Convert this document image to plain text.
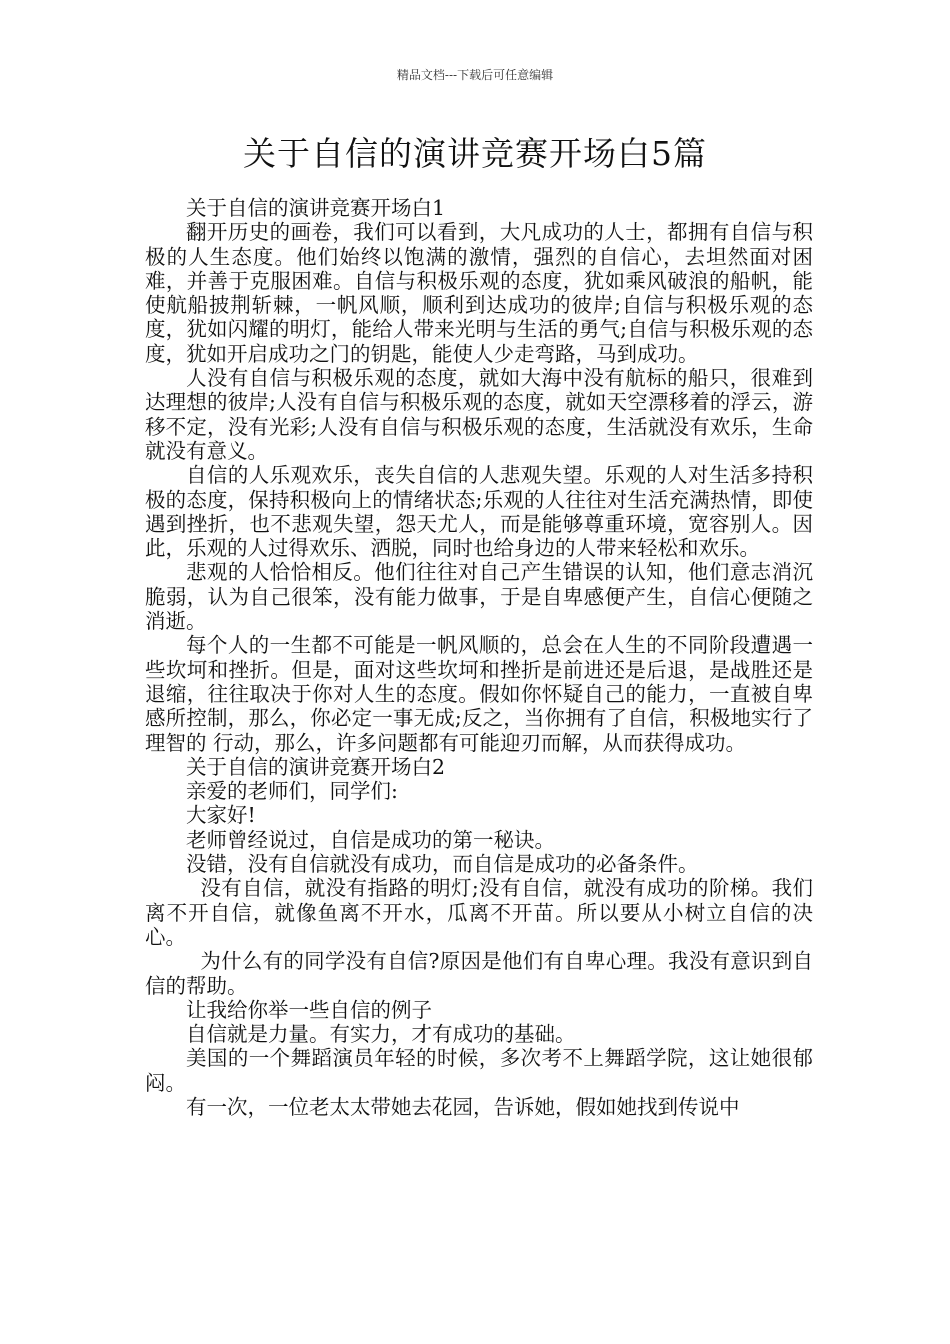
精品文档---下载后可任意编辑
关于自信的演讲竞赛开场白5篇

关于自信的演讲竞赛开场白1

翻开历史的画卷，我们可以看到，大凡成功的人士，都拥有自信与积极的人生态度。他们始终以饱满的激情，强烈的自信心，去坦然面对困难，并善于克服困难。自信与积极乐观的态度，犹如乘风破浪的船帆，能使航船披荆斩棘，一帆风顺，顺利到达成功的彼岸;自信与积极乐观的态度，犹如闪耀的明灯，能给人带来光明与生活的勇气;自信与积极乐观的态度，犹如开启成功之门的钥匙，能使人少走弯路，马到成功。

人没有自信与积极乐观的态度，就如大海中没有航标的船只，很难到达理想的彼岸;人没有自信与积极乐观的态度，就如天空漂移着的浮云，游移不定，没有光彩;人没有自信与积极乐观的态度，生活就没有欢乐，生命就没有意义。

自信的人乐观欢乐，丧失自信的人悲观失望。乐观的人对生活多持积极的态度，保持积极向上的情绪状态;乐观的人往往对生活充满热情，即使遇到挫折，也不悲观失望，怨天尤人，而是能够尊重环境，宽容别人。因此，乐观的人过得欢乐、洒脱，同时也给身边的人带来轻松和欢乐。

悲观的人恰恰相反。他们往往对自己产生错误的认知，他们意志消沉脆弱，认为自己很笨，没有能力做事，于是自卑感便产生，自信心便随之消逝。

每个人的一生都不可能是一帆风顺的，总会在人生的不同阶段遭遇一些坎坷和挫折。但是，面对这些坎坷和挫折是前进还是后退，是战胜还是退缩，往往取决于你对人生的态度。假如你怀疑自己的能力，一直被自卑感所控制，那么，你必定一事无成;反之，当你拥有了自信，积极地实行了理智的 行动，那么，许多问题都有可能迎刃而解，从而获得成功。

关于自信的演讲竞赛开场白2

亲爱的老师们，同学们:

大家好!

老师曾经说过，自信是成功的第一秘诀。

没错，没有自信就没有成功，而自信是成功的必备条件。

没有自信，就没有指路的明灯;没有自信，就没有成功的阶梯。我们离不开自信，就像鱼离不开水，瓜离不开苗。所以要从小树立自信的决心。

为什么有的同学没有自信?原因是他们有自卑心理。我没有意识到自信的帮助。

让我给你举一些自信的例子

自信就是力量。有实力，才有成功的基础。

美国的一个舞蹈演员年轻的时候，多次考不上舞蹈学院，这让她很郁闷。

有一次，一位老太太带她去花园，告诉她，假如她找到传说中
